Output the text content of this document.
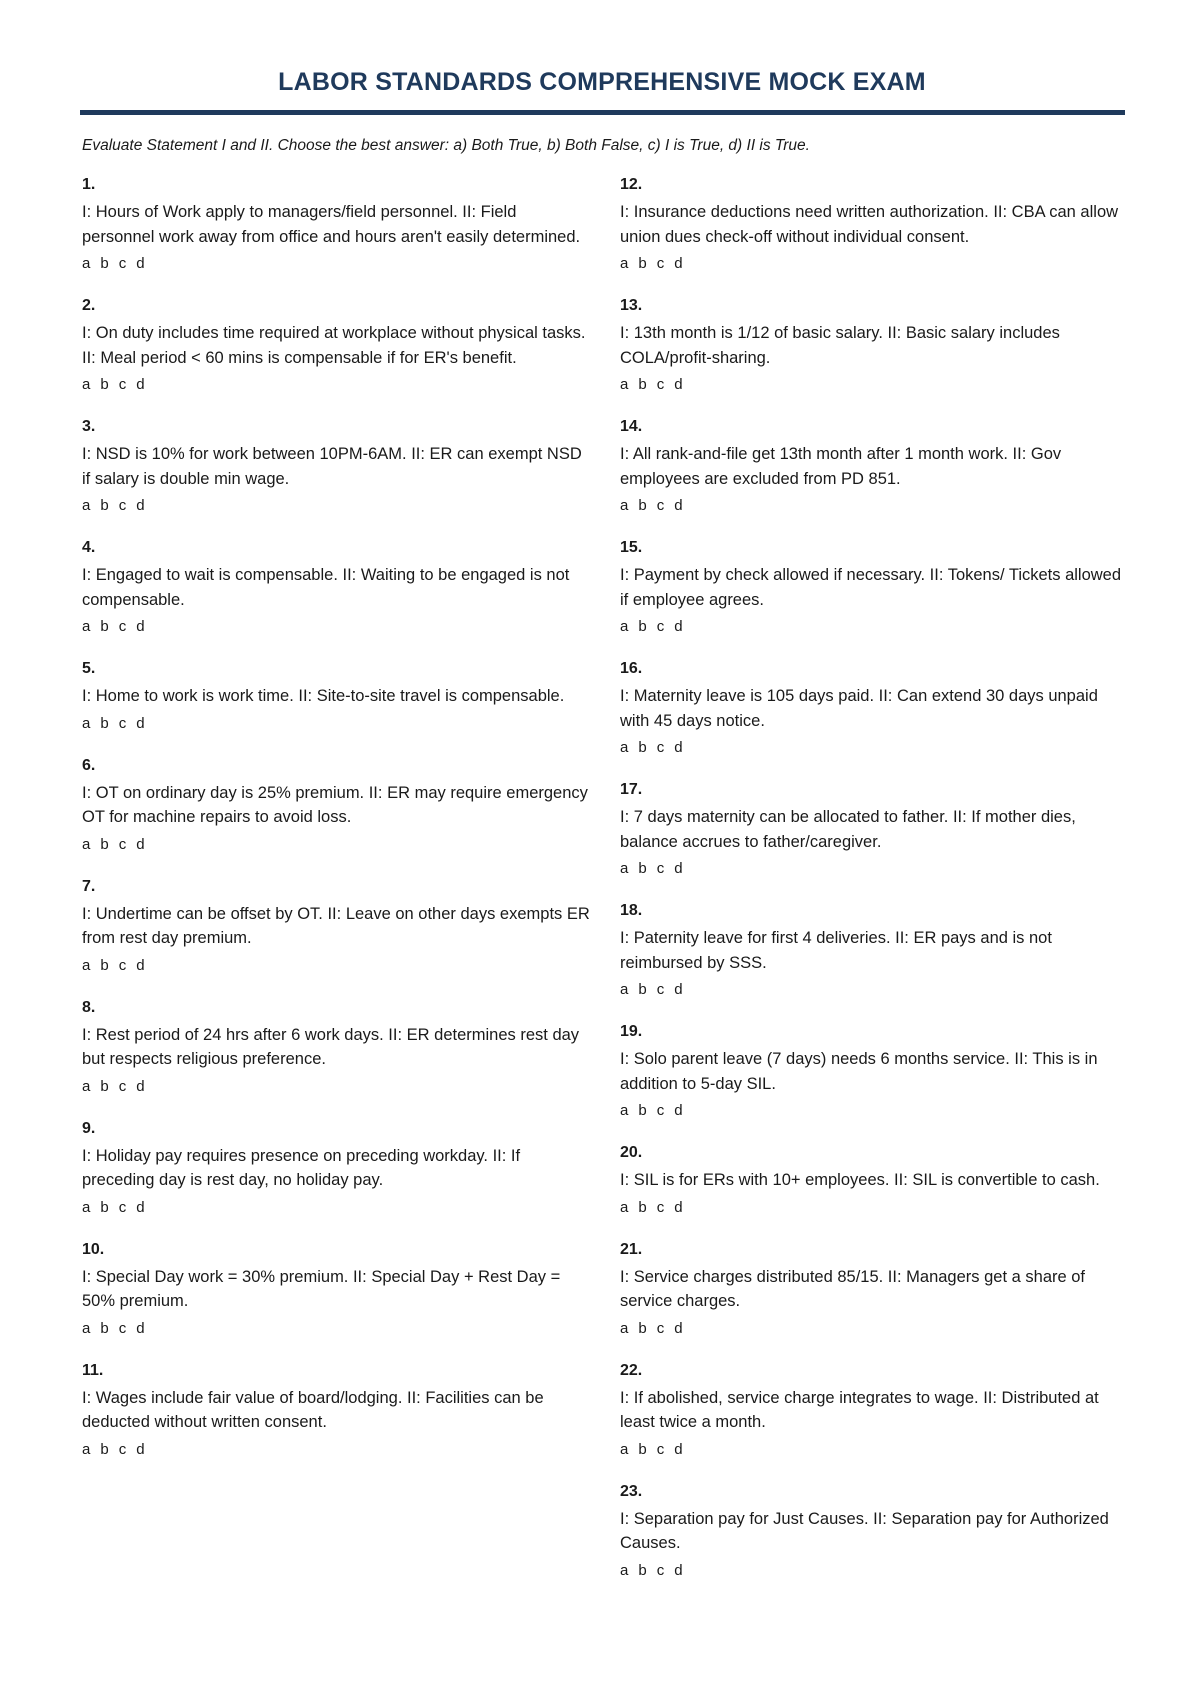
LABOR STANDARDS COMPREHENSIVE MOCK EXAM
Evaluate Statement I and II. Choose the best answer: a) Both True, b) Both False, c) I is True, d) II is True.
1.
I: Hours of Work apply to managers/field personnel. II: Field personnel work away from office and hours aren't easily determined.
a b c d
2.
I: On duty includes time required at workplace without physical tasks. II: Meal period < 60 mins is compensable if for ER's benefit.
a b c d
3.
I: NSD is 10% for work between 10PM-6AM. II: ER can exempt NSD if salary is double min wage.
a b c d
4.
I: Engaged to wait is compensable. II: Waiting to be engaged is not compensable.
a b c d
5.
I: Home to work is work time. II: Site-to-site travel is compensable.
a b c d
6.
I: OT on ordinary day is 25% premium. II: ER may require emergency OT for machine repairs to avoid loss.
a b c d
7.
I: Undertime can be offset by OT. II: Leave on other days exempts ER from rest day premium.
a b c d
8.
I: Rest period of 24 hrs after 6 work days. II: ER determines rest day but respects religious preference.
a b c d
9.
I: Holiday pay requires presence on preceding workday. II: If preceding day is rest day, no holiday pay.
a b c d
10.
I: Special Day work = 30% premium. II: Special Day + Rest Day = 50% premium.
a b c d
11.
I: Wages include fair value of board/lodging. II: Facilities can be deducted without written consent.
a b c d
12.
I: Insurance deductions need written authorization. II: CBA can allow union dues check-off without individual consent.
a b c d
13.
I: 13th month is 1/12 of basic salary. II: Basic salary includes COLA/profit-sharing.
a b c d
14.
I: All rank-and-file get 13th month after 1 month work. II: Gov employees are excluded from PD 851.
a b c d
15.
I: Payment by check allowed if necessary. II: Tokens/ Tickets allowed if employee agrees.
a b c d
16.
I: Maternity leave is 105 days paid. II: Can extend 30 days unpaid with 45 days notice.
a b c d
17.
I: 7 days maternity can be allocated to father. II: If mother dies, balance accrues to father/caregiver.
a b c d
18.
I: Paternity leave for first 4 deliveries. II: ER pays and is not reimbursed by SSS.
a b c d
19.
I: Solo parent leave (7 days) needs 6 months service. II: This is in addition to 5-day SIL.
a b c d
20.
I: SIL is for ERs with 10+ employees. II: SIL is convertible to cash.
a b c d
21.
I: Service charges distributed 85/15. II: Managers get a share of service charges.
a b c d
22.
I: If abolished, service charge integrates to wage. II: Distributed at least twice a month.
a b c d
23.
I: Separation pay for Just Causes. II: Separation pay for Authorized Causes.
a b c d
